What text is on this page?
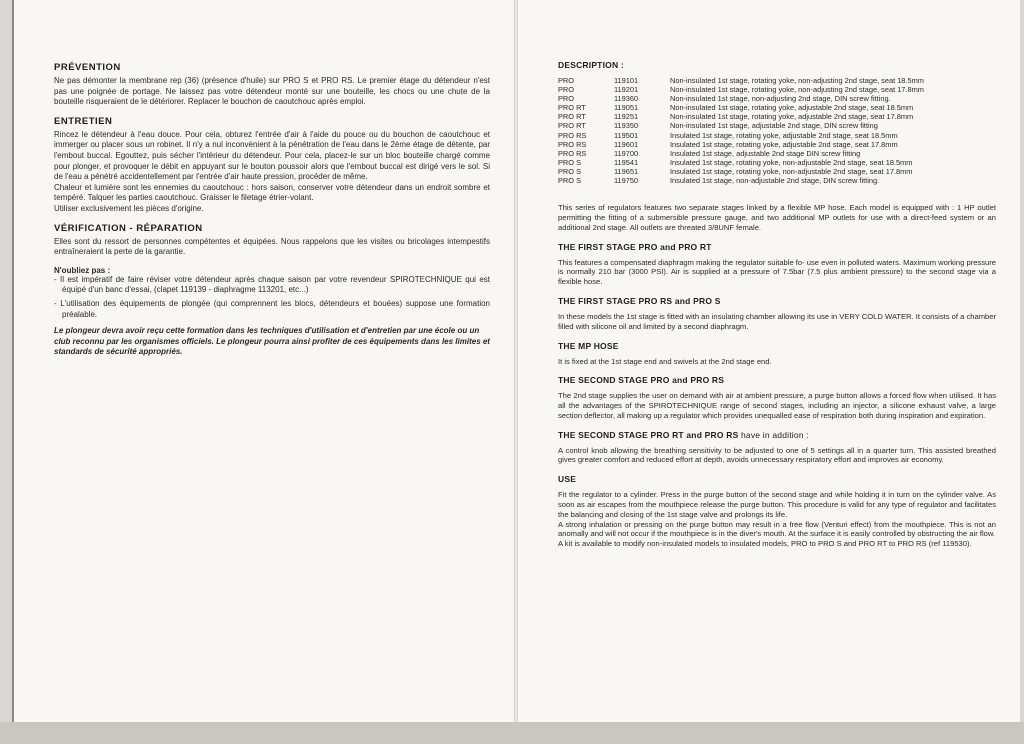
PRÉVENTION

Ne pas démonter la membrane rep (36) (présence d'huile) sur PRO S et PRO RS. Le premier étage du détendeur n'est pas une poignée de portage. Ne laissez pas votre détendeur monté sur une bouteille, les chocs ou une chute de la bouteille risqueraient de le détériorer. Replacer le bouchon de caoutchouc après emploi.

ENTRETIEN

Rincez le détendeur à l'eau douce. Pour cela, obturez l'entrée d'air à l'aide du pouce ou du bouchon de caoutchouc et immerger ou placer sous un robinet. Il n'y a nul inconvénient à la pénétration de l'eau dans le 2ème étage de détente, par l'embout buccal. Egouttez, puis sécher l'intérieur du détendeur. Pour cela, placez-le sur un bloc bouteille chargé comme pour plonger, et provoquer le débit en appuyant sur le bouton poussoir alors que l'embout buccal est dirigé vers le sol. Si de l'eau a pénétré accidentellement par l'entrée d'air haute pression, procéder de même.

Chaleur et lumière sont les ennemies du caoutchouc : hors saison, conserver votre détendeur dans un endroit sombre et tempéré. Talquer les parties caoutchouc. Graisser le filetage étrier-volant.

Utiliser exclusivement les pièces d'origine.

VÉRIFICATION - RÉPARATION

Elles sont du ressort de personnes compétentes et équipées. Nous rappelons que les visites ou bricolages intempestifs entraîneraient la perte de la garantie.

N'oubliez pas :
- Il est impératif de faire réviser votre détendeur après chaque saison par votre revendeur SPIROTECHNIQUE qui est équipé d'un banc d'essai, (clapet 119139 - diaphragme 113201, etc...)
- L'utilisation des équipements de plongée (qui comprennent les blocs, détendeurs et bouées) suppose une formation préalable.
Le plongeur devra avoir reçu cette formation dans les techniques d'utilisation et d'entretien par une école ou un club reconnu par les organismes officiels. Le plongeur pourra ainsi profiter de ces équipements dans les limites et standards de sécurité appropriés.
DESCRIPTION :
PRO	119101	Non-insulated 1st stage, rotating yoke, non-adjusting 2nd stage, seat 18.5mm
PRO	119201	Non-insulated 1st stage, rotating yoke, non-adjusting 2nd stage, seat 17.8mm
PRO	119360	Non-insulated 1st stage, non-adjusting 2nd stage, DIN screw fitting.
PRO RT	119051	Non-insulated 1st stage, rotating yoke, adjustable 2nd stage, seat 18.5mm
PRO RT	119251	Non-insulated 1st stage, rotating yoke, adjustable 2nd stage, seat 17.8mm
PRO RT	119350	Non-insulated 1st stage, adjustable 2nd stage, DIN screw fitting
PRO RS	119501	Insulated 1st stage, rotating yoke, adjustable 2nd stage, seat 18.5mm
PRO RS	119601	Insulated 1st stage, rotating yoke, adjustable 2nd stage, seat 17.8mm
PRO RS	119700	Insulated 1st stage, adjustable 2nd stage DIN screw fitting
PRO S	119541	Insulated 1st stage, rotating yoke, non-adjustable 2nd stage, seat 18.5mm
PRO S	119651	Insulated 1st stage, rotating yoke, non-adjustable 2nd stage, seat 17.8mm
PRO S	119750	Insulated 1st stage, non-adjustable 2nd stage, DIN screw fitting.

This series of regulators features two separate stages linked by a flexible MP hose. Each model is equipped with : 1 HP outlet permitting the fitting of a submersible pressure gauge, and two additional MP outlets for use with a direct-feed system or an additional 2nd stage. All outlets are threated 3/8UNF female.

THE FIRST STAGE PRO and PRO RT

This features a compensated diaphragm making the regulator suitable fo- use even in polluted waters. Maximum working pressure is normally 210 bar (3000 PSI). Air is supplied at a pressure of 7.5bar (7.5 plus ambient pressure) to the second stage via a flexible hose.

THE FIRST STAGE PRO RS and PRO S

In these models the 1st stage is fitted with an insulating chamber allowing its use in VERY COLD WATER. It consists of a chamber filled with silicone oil and limited by a second diaphragm.

THE MP HOSE

It is fixed at the 1st stage end and swivels at the 2nd stage end.

THE SECOND STAGE PRO and PRO RS

The 2nd stage supplies the user on demand with air at ambient pressure, a purge button allows a forced flow when utilised. It has all the advantages of the SPIROTECHNIQUE range of second stages, including an injector, a silicone exhaust valve, a large section deflector, all making up a regulator which provides unequalled ease of respiration both during inspiration and expiration.

THE SECOND STAGE PRO RT and PRO RS have in addition :

A control knob allowing the breathing sensitivity to be adjusted to one of 5 settings all in a quarter turn. This assisted breathed gives greater comfort and reduced effort at depth, avoids unnecessary respiratory effort and improves air economy.

USE

Fit the regulator to a cylinder. Press in the purge button of the second stage and while holding it in turn on the cylinder valve. As soon as air escapes from the mouthpiece release the purge button. This procedure is valid for any type of regulator and facilitates the balancing and closing of the 1st stage valve and prolongs its life.

A strong inhalation or pressing on the purge button may result in a free flow (Venturi effect) from the mouthpiece. This is not an anomally and will not occur if the mouthpiece is in the diver's mouth. At the surface it is easily controlled by obstructing the air flow.

A kit is available to modify non-insulated models to insulated models, PRO to PRO S and PRO RT to PRO RS (ref 119530).
